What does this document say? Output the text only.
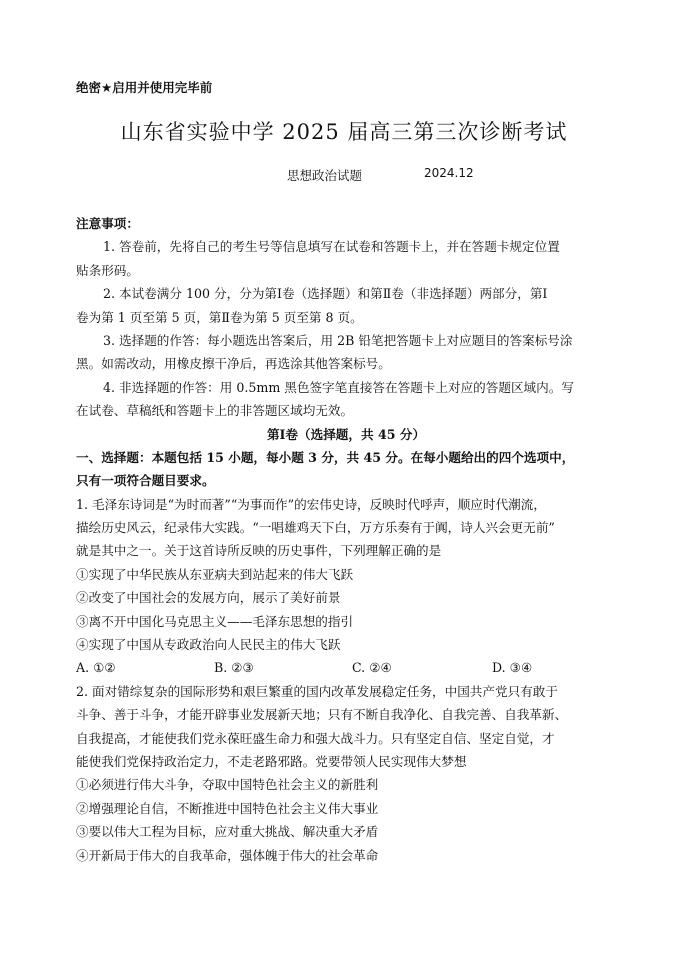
绝密★启用并使用完毕前
山东省实验中学 2025 届高三第三次诊断考试
思想政治试题	2024.12
注意事项：
1. 答卷前，先将自己的考生号等信息填写在试卷和答题卡上，并在答题卡规定位置
贴条形码。
2. 本试卷满分 100 分，分为第Ⅰ卷（选择题）和第Ⅱ卷（非选择题）两部分，第Ⅰ
卷为第 1 页至第 5 页，第Ⅱ卷为第 5 页至第 8 页。
3. 选择题的作答：每小题选出答案后，用 2B 铅笔把答题卡上对应题目的答案标号涂
黑。如需改动，用橡皮擦干净后，再选涂其他答案标号。
4. 非选择题的作答：用 0.5mm 黑色签字笔直接答在答题卡上对应的答题区域内。写
在试卷、草稿纸和答题卡上的非答题区域均无效。
第Ⅰ卷（选择题，共 45 分）
一、选择题：本题包括 15 小题，每小题 3 分，共 45 分。在每小题给出的四个选项中，
只有一项符合题目要求。
1. 毛泽东诗词是“为时而著”“为事而作”的宏伟史诗，反映时代呼声，顺应时代潮流，
描绘历史风云，纪录伟大实践。“一唱雄鸡天下白，万方乐奏有于阗，诗人兴会更无前”
就是其中之一。关于这首诗所反映的历史事件，下列理解正确的是
①实现了中华民族从东亚病夫到站起来的伟大飞跃
②改变了中国社会的发展方向，展示了美好前景
③离不开中国化马克思主义——毛泽东思想的指引
④实现了中国从专政政治向人民民主的伟大飞跃
A. ①②	B. ②③	C. ②④	D. ③④
2. 面对错综复杂的国际形势和艰巨繁重的国内改革发展稳定任务，中国共产党只有敢于
斗争、善于斗争，才能开辟事业发展新天地；只有不断自我净化、自我完善、自我革新、
自我提高，才能使我们党永葆旺盛生命力和强大战斗力。只有坚定自信、坚定自觉，才
能使我们党保持政治定力，不走老路邪路。党要带领人民实现伟大梦想
①必须进行伟大斗争，夺取中国特色社会主义的新胜利
②增强理论自信，不断推进中国特色社会主义伟大事业
③要以伟大工程为目标，应对重大挑战、解决重大矛盾
④开新局于伟大的自我革命，强体魄于伟大的社会革命
